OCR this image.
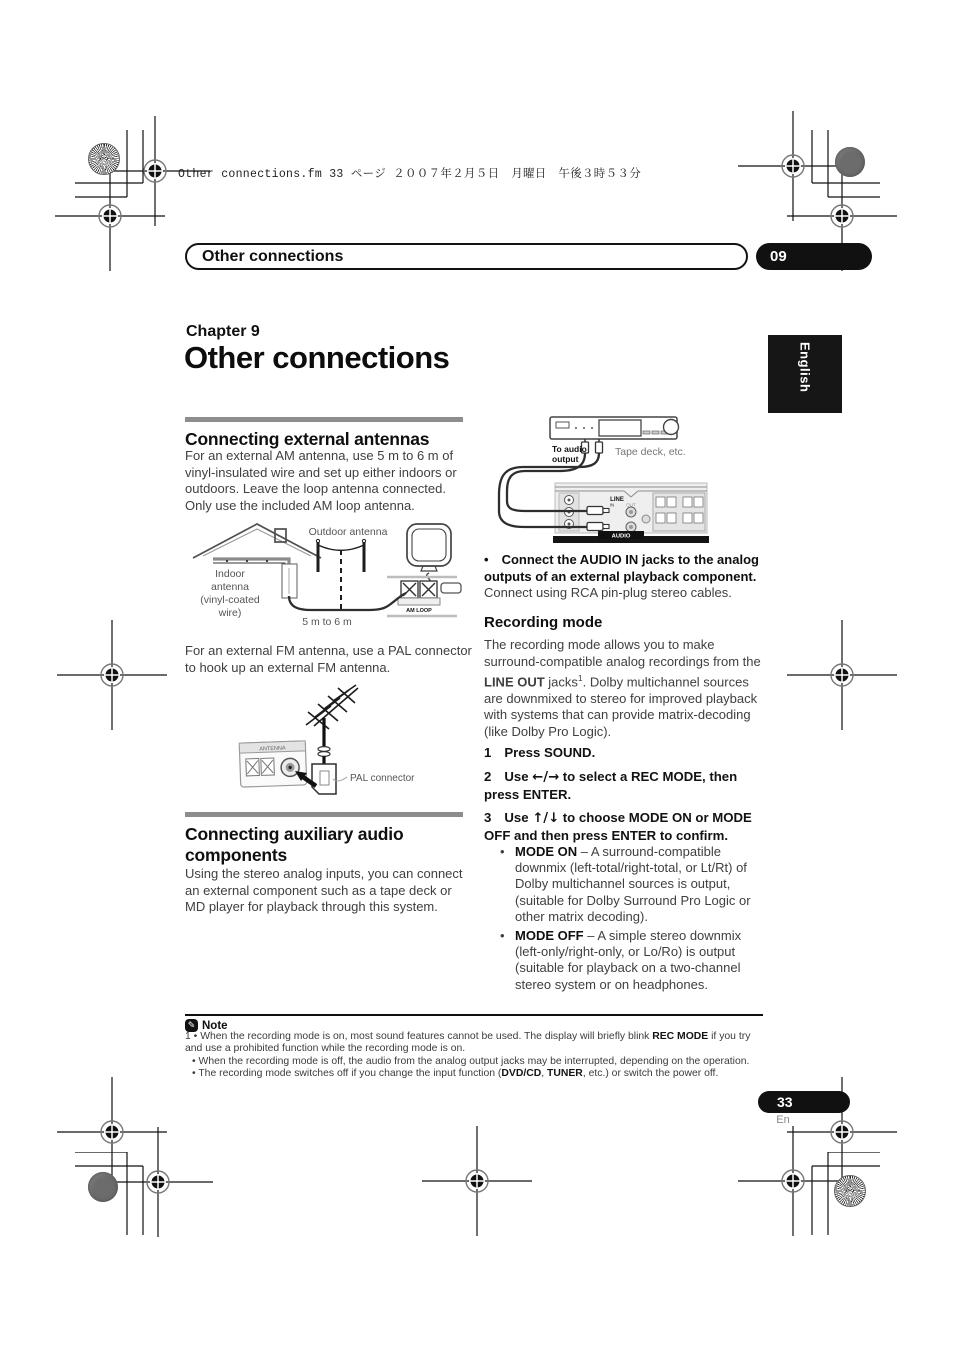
Other connections.fm 33 ページ ２００７年２月５日　月曜日　午後３時５３分
Other connections	09
English
Chapter 9
Other connections
Connecting external antennas

For an external AM antenna, use 5 m to 6 m of vinyl-insulated wire and set up either indoors or outdoors. Leave the loop antenna connected. Only use the included AM loop antenna.

Outdoor antenna
Indoor
antenna
(vinyl-coated
wire)
5 m to 6 m
AM LOOP

For an external FM antenna, use a PAL connector to hook up an external FM antenna.

ANTENNA
PAL connector
Connecting auxiliary audio components

Using the stereo analog inputs, you can connect an external component such as a tape deck or MD player for playback through this system.

LINE
IN	OUT
AUDIO
To audio
output
Tape deck, etc.

• Connect the AUDIO IN jacks to the analog outputs of an external playback component.
Connect using RCA pin-plug stereo cables.

Recording mode

The recording mode allows you to make surround-compatible analog recordings from the LINE OUT jacks$^1$. Dolby multichannel sources are downmixed to stereo for improved playback with systems that can provide matrix-decoding (like Dolby Pro Logic).

1 Press SOUND.

2 Use ←/→ to select a REC MODE, then press ENTER.

3 Use ↑/↓ to choose MODE ON or MODE OFF and then press ENTER to confirm.

• MODE ON – A surround-compatible downmix (left-total/right-total, or Lt/Rt) of Dolby multichannel sources is output, (suitable for Dolby Surround Pro Logic or other matrix decoding).
• MODE OFF – A simple stereo downmix (left-only/right-only, or Lo/Ro) is output (suitable for playback on a two-channel stereo system or on headphones.
✎ Note

1 • When the recording mode is on, most sound features cannot be used. The display will briefly blink REC MODE if you try and use a prohibited function while the recording mode is on.

• When the recording mode is off, the audio from the analog output jacks may be interrupted, depending on the operation.

• The recording mode switches off if you change the input function (DVD/CD, TUNER, etc.) or switch the power off.

33
En
